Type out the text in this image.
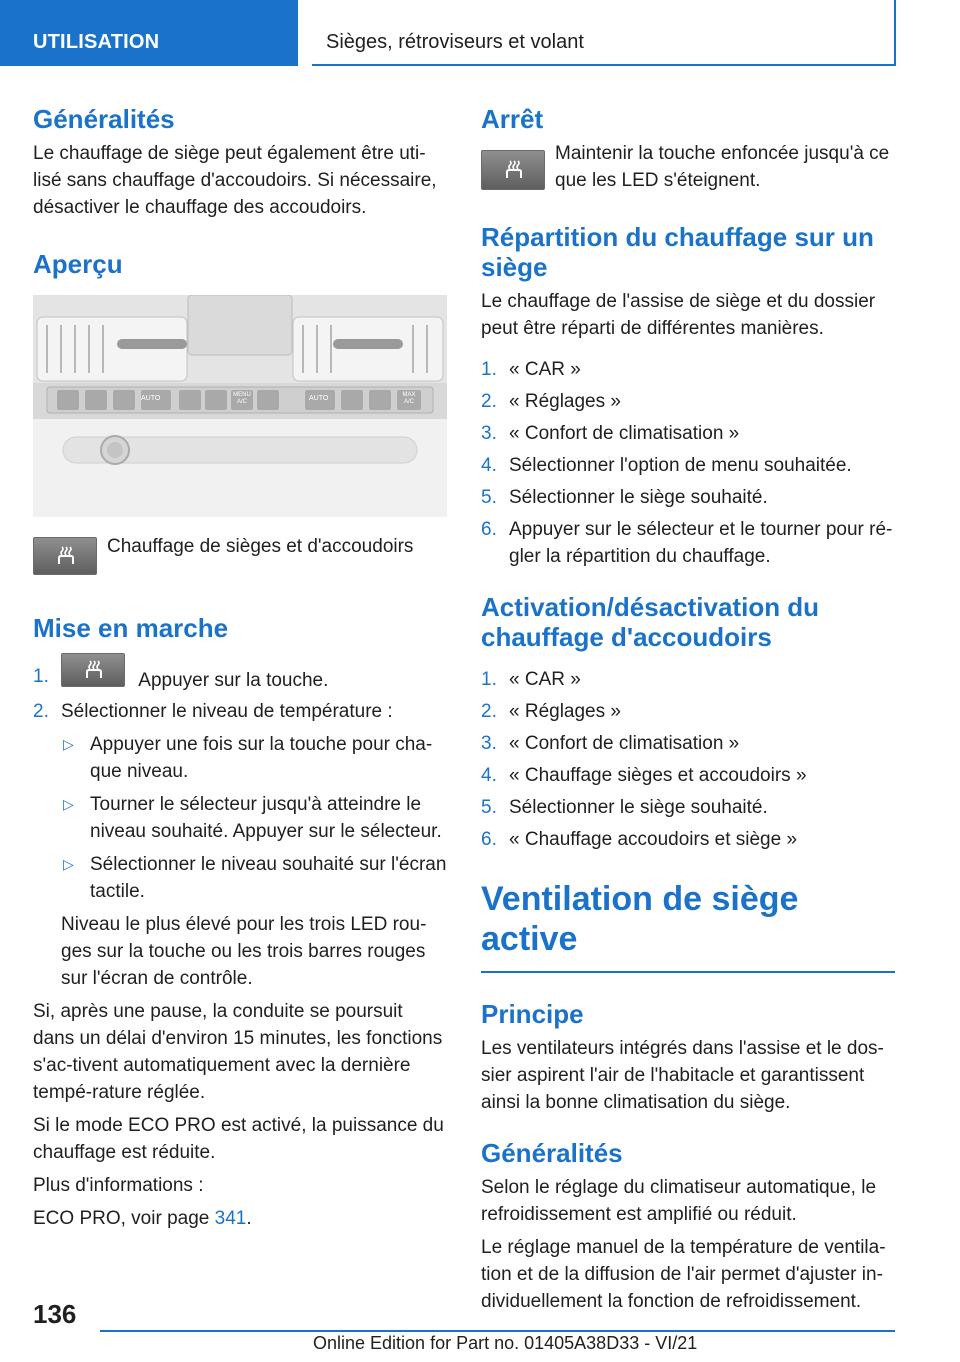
UTILISATION	Sièges, rétroviseurs et volant
Généralités

Le chauffage de siège peut également être uti-lisé sans chauffage d'accoudoirs. Si nécessaire, désactiver le chauffage des accoudoirs.

Aperçu
AUTO	MENU A/C	AUTO	MAX A/C
Chauffage de sièges et d'accoudoirs
Mise en marche
1.	Appuyer sur la touche.
2. Sélectionner le niveau de température :
▷ Appuyer une fois sur la touche pour cha-que niveau.
▷ Tourner le sélecteur jusqu'à atteindre le niveau souhaité. Appuyer sur le sélecteur.
▷ Sélectionner le niveau souhaité sur l'écran tactile.

Niveau le plus élevé pour les trois LED rou-ges sur la touche ou les trois barres rouges sur l'écran de contrôle.

Si, après une pause, la conduite se poursuit dans un délai d'environ 15 minutes, les fonctions s'ac-tivent automatiquement avec la dernière tempé-rature réglée.

Si le mode ECO PRO est activé, la puissance du chauffage est réduite.

Plus d'informations :

ECO PRO, voir page 341.

Arrêt

Maintenir la touche enfoncée jusqu'à ce que les LED s'éteignent.

Répartition du chauffage sur un siège

Le chauffage de l'assise de siège et du dossier peut être réparti de différentes manières.

1. « CAR »
2. « Réglages »
3. « Confort de climatisation »
4. Sélectionner l'option de menu souhaitée.
5. Sélectionner le siège souhaité.
6. Appuyer sur le sélecteur et le tourner pour ré-gler la répartition du chauffage.
Activation/désactivation du chauffage d'accoudoirs
1. « CAR »
2. « Réglages »
3. « Confort de climatisation »
4. « Chauffage sièges et accoudoirs »
5. Sélectionner le siège souhaité.
6. « Chauffage accoudoirs et siège »
Ventilation de siège active
Principe

Les ventilateurs intégrés dans l'assise et le dos-sier aspirent l'air de l'habitacle et garantissent ainsi la bonne climatisation du siège.

Généralités

Selon le réglage du climatiseur automatique, le refroidissement est amplifié ou réduit.

Le réglage manuel de la température de ventila-tion et de la diffusion de l'air permet d'ajuster in-dividuellement la fonction de refroidissement.

136
Online Edition for Part no. 01405A38D33 - VI/21
